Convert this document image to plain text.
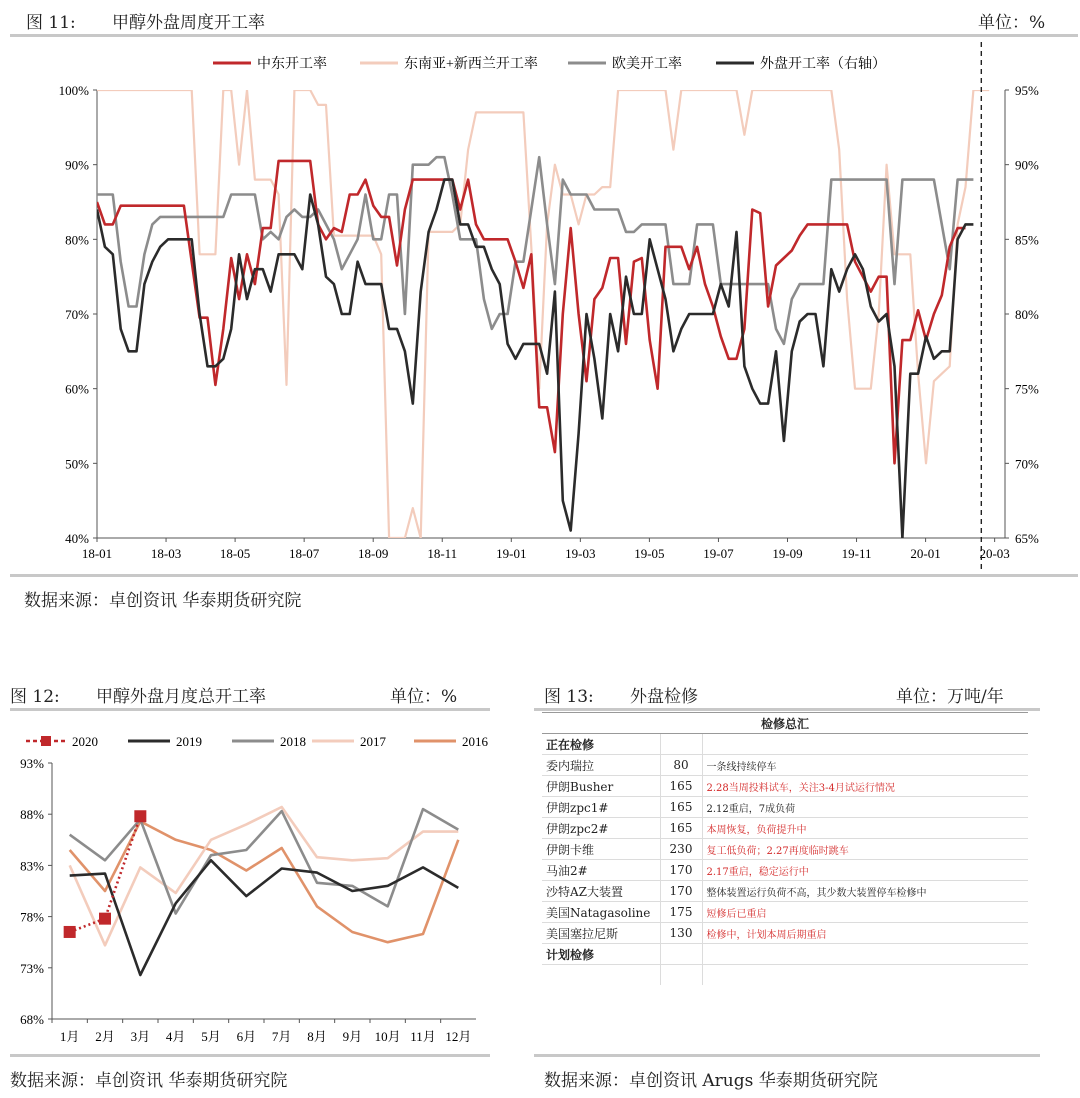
图 11: 甲醇外盘周度开工率	单位：%
40%
50%
60%
70%
80%
90%
100%
65%
70%
75%
80%
85%
90%
95%
18-01	18-03	18-05	18-07	18-09	18-11	19-01	19-03	19-05	19-07	19-09	19-11	20-01	20-03
中东开工率	东南亚+新西兰开工率	欧美开工率	外盘开工率（右轴）
数据来源：卓创资讯 华泰期货研究院
图 12: 甲醇外盘月度总开工率	单位：%
68%
73%
78%
83%
88%
93%
1月 2月 3月 4月 5月 6月 7月 8月 9月 10月 11月 12月
2020	2019	2018	2017	2016
数据来源：卓创资讯 华泰期货研究院
图 13: 外盘检修	单位：万吨/年
检修总汇		
正在检修		
委内瑞拉	80	一条线持续停车
伊朗Busher	165	2.28当周投料试车，关注3-4月试运行情况
伊朗zpc1#	165	2.12重启，7成负荷
伊朗zpc2#	165	本周恢复，负荷提升中
伊朗卡维	230	复工低负荷；2.27再度临时跳车
马油2#	170	2.17重启，稳定运行中
沙特AZ大装置	170	整体装置运行负荷不高，其少数大装置停车检修中
美国Natagasoline	175	短修后已重启
美国塞拉尼斯	130	检修中，计划本周后期重启
计划检修		

数据来源：卓创资讯 Arugs 华泰期货研究院
